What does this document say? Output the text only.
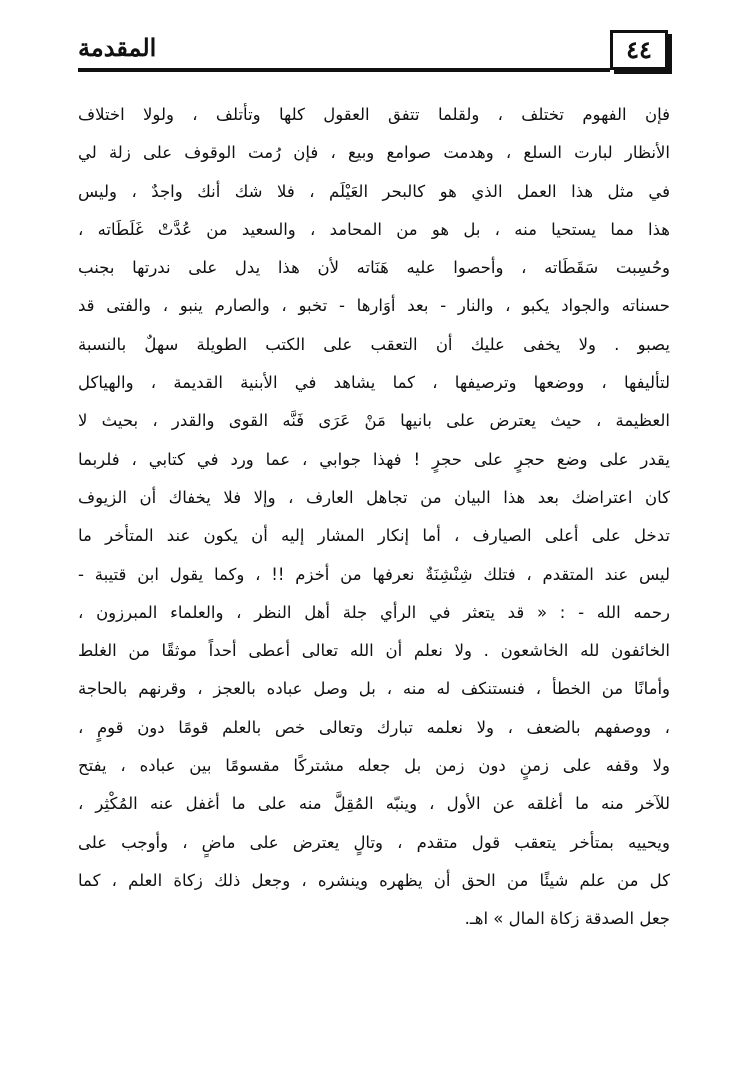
٤٤
المقدمة
فإن الفهوم تختلف ، ولقلما تتفق العقول كلها وتأتلف ، ولولا اختلاف
الأنظار لبارت السلع ، وهدمت صوامع وبيع ، فإن رُمت الوقوف على زلة لي
في مثل هذا العمل الذي هو كالبحر العَيْلَم ، فلا شك أنك واجدٌ ، وليس
هذا مما يستحيا منه ، بل هو من المحامد ، والسعيد من عُدَّتْ غَلَطَاته ،
وحُسِبت سَقَطَاته ، وأحصوا عليه هَنَاته لأن هذا يدل على ندرتها بجنب
حسناته والجواد يكبو ، والنار - بعد أوَارها - تخبو ، والصارم ينبو ، والفتى قد
يصبو . ولا يخفى عليك أن التعقب على الكتب الطويلة سهلٌ بالنسبة
لتأليفها ، ووضعها وترصيفها ، كما يشاهد في الأبنية القديمة ، والهياكل
العظيمة ، حيث يعترض على بانيها مَنْ عَرَى فَنَّه القوى والقدر ، بحيث لا
يقدر على وضع حجرٍ على حجرٍ ! فهذا جوابي ، عما ورد في كتابي ، فلربما
كان اعتراضك بعد هذا البيان من تجاهل العارف ، وإلا فلا يخفاك أن الزيوف
تدخل على أعلى الصيارف ، أما إنكار المشار إليه أن يكون عند المتأخر ما
ليس عند المتقدم ، فتلك شِنْشِنَةٌ نعرفها من أخزم !! ، وكما يقول ابن قتيبة -
رحمه الله - : « قد يتعثر في الرأي جلة أهل النظر ، والعلماء المبرزون ،
الخائفون لله الخاشعون . ولا نعلم أن الله تعالى أعطى أحداً موثقًا من الغلط
وأمانًا من الخطأ ، فنستنكف له منه ، بل وصل عباده بالعجز ، وقرنهم بالحاجة
، ووصفهم بالضعف ، ولا نعلمه تبارك وتعالى خص بالعلم قومًا دون قومٍ ،
ولا وقفه على زمنٍ دون زمن بل جعله مشتركًا مقسومًا بين عباده ، يفتح
للآخر منه ما أغلقه عن الأول ، وينبّه المُقِلَّ منه على ما أغفل عنه المُكْثِر ،
ويحييه بمتأخر يتعقب قول متقدم ، وتالٍ يعترض على ماضٍ ، وأوجب على
كل من علم شيئًا من الحق أن يظهره وينشره ، وجعل ذلك زكاة العلم ، كما
جعل الصدقة زكاة المال » اهـ.
